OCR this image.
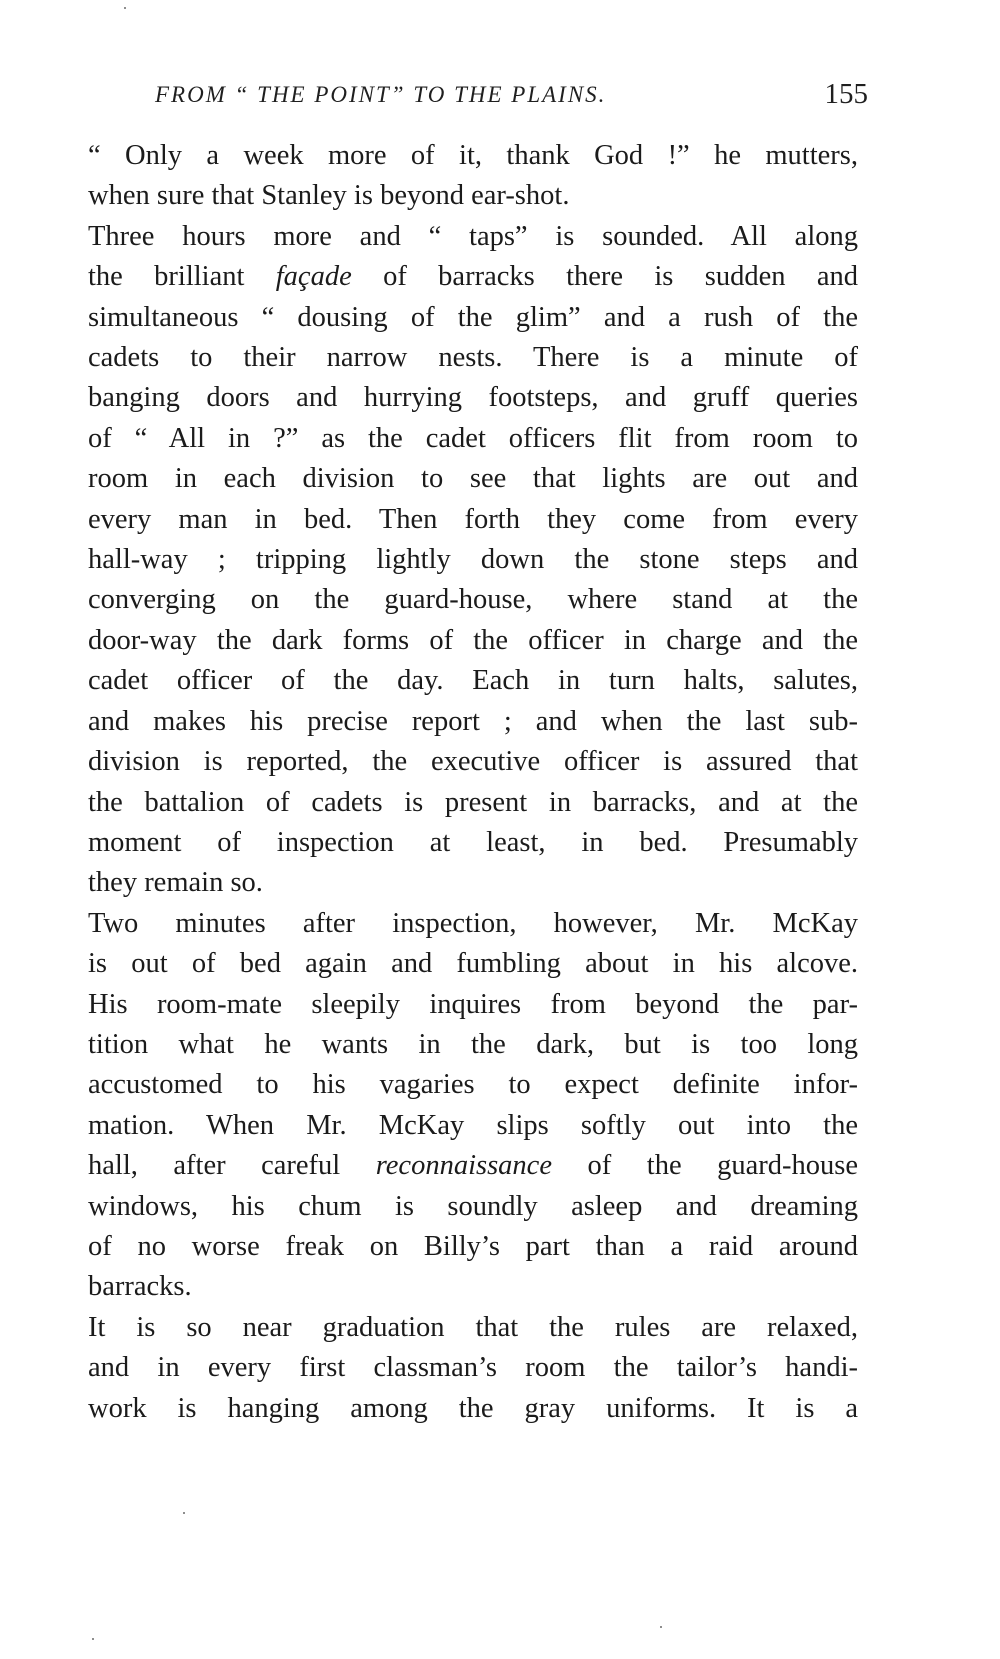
FROM “ THE POINT” TO THE PLAINS.	155

“ Only a week more of it, thank God !” he mutters,
when sure that Stanley is beyond ear-shot.

Three hours more and “ taps” is sounded. All along
the brilliant façade of barracks there is sudden and
simultaneous “ dousing of the glim” and a rush of the
cadets to their narrow nests. There is a minute of
banging doors and hurrying footsteps, and gruff queries
of “ All in ?” as the cadet officers flit from room to
room in each division to see that lights are out and
every man in bed. Then forth they come from every
hall-way ; tripping lightly down the stone steps and
converging on the guard-house, where stand at the
door-way the dark forms of the officer in charge and the
cadet officer of the day. Each in turn halts, salutes,
and makes his precise report ; and when the last sub-
division is reported, the executive officer is assured that
the battalion of cadets is present in barracks, and at the
moment of inspection at least, in bed. Presumably
they remain so.

Two minutes after inspection, however, Mr. McKay
is out of bed again and fumbling about in his alcove.
His room-mate sleepily inquires from beyond the par-
tition what he wants in the dark, but is too long
accustomed to his vagaries to expect definite infor-
mation. When Mr. McKay slips softly out into the
hall, after careful reconnaissance of the guard-house
windows, his chum is soundly asleep and dreaming
of no worse freak on Billy’s part than a raid around
barracks.

It is so near graduation that the rules are relaxed,
and in every first classman’s room the tailor’s handi-
work is hanging among the gray uniforms. It is a
